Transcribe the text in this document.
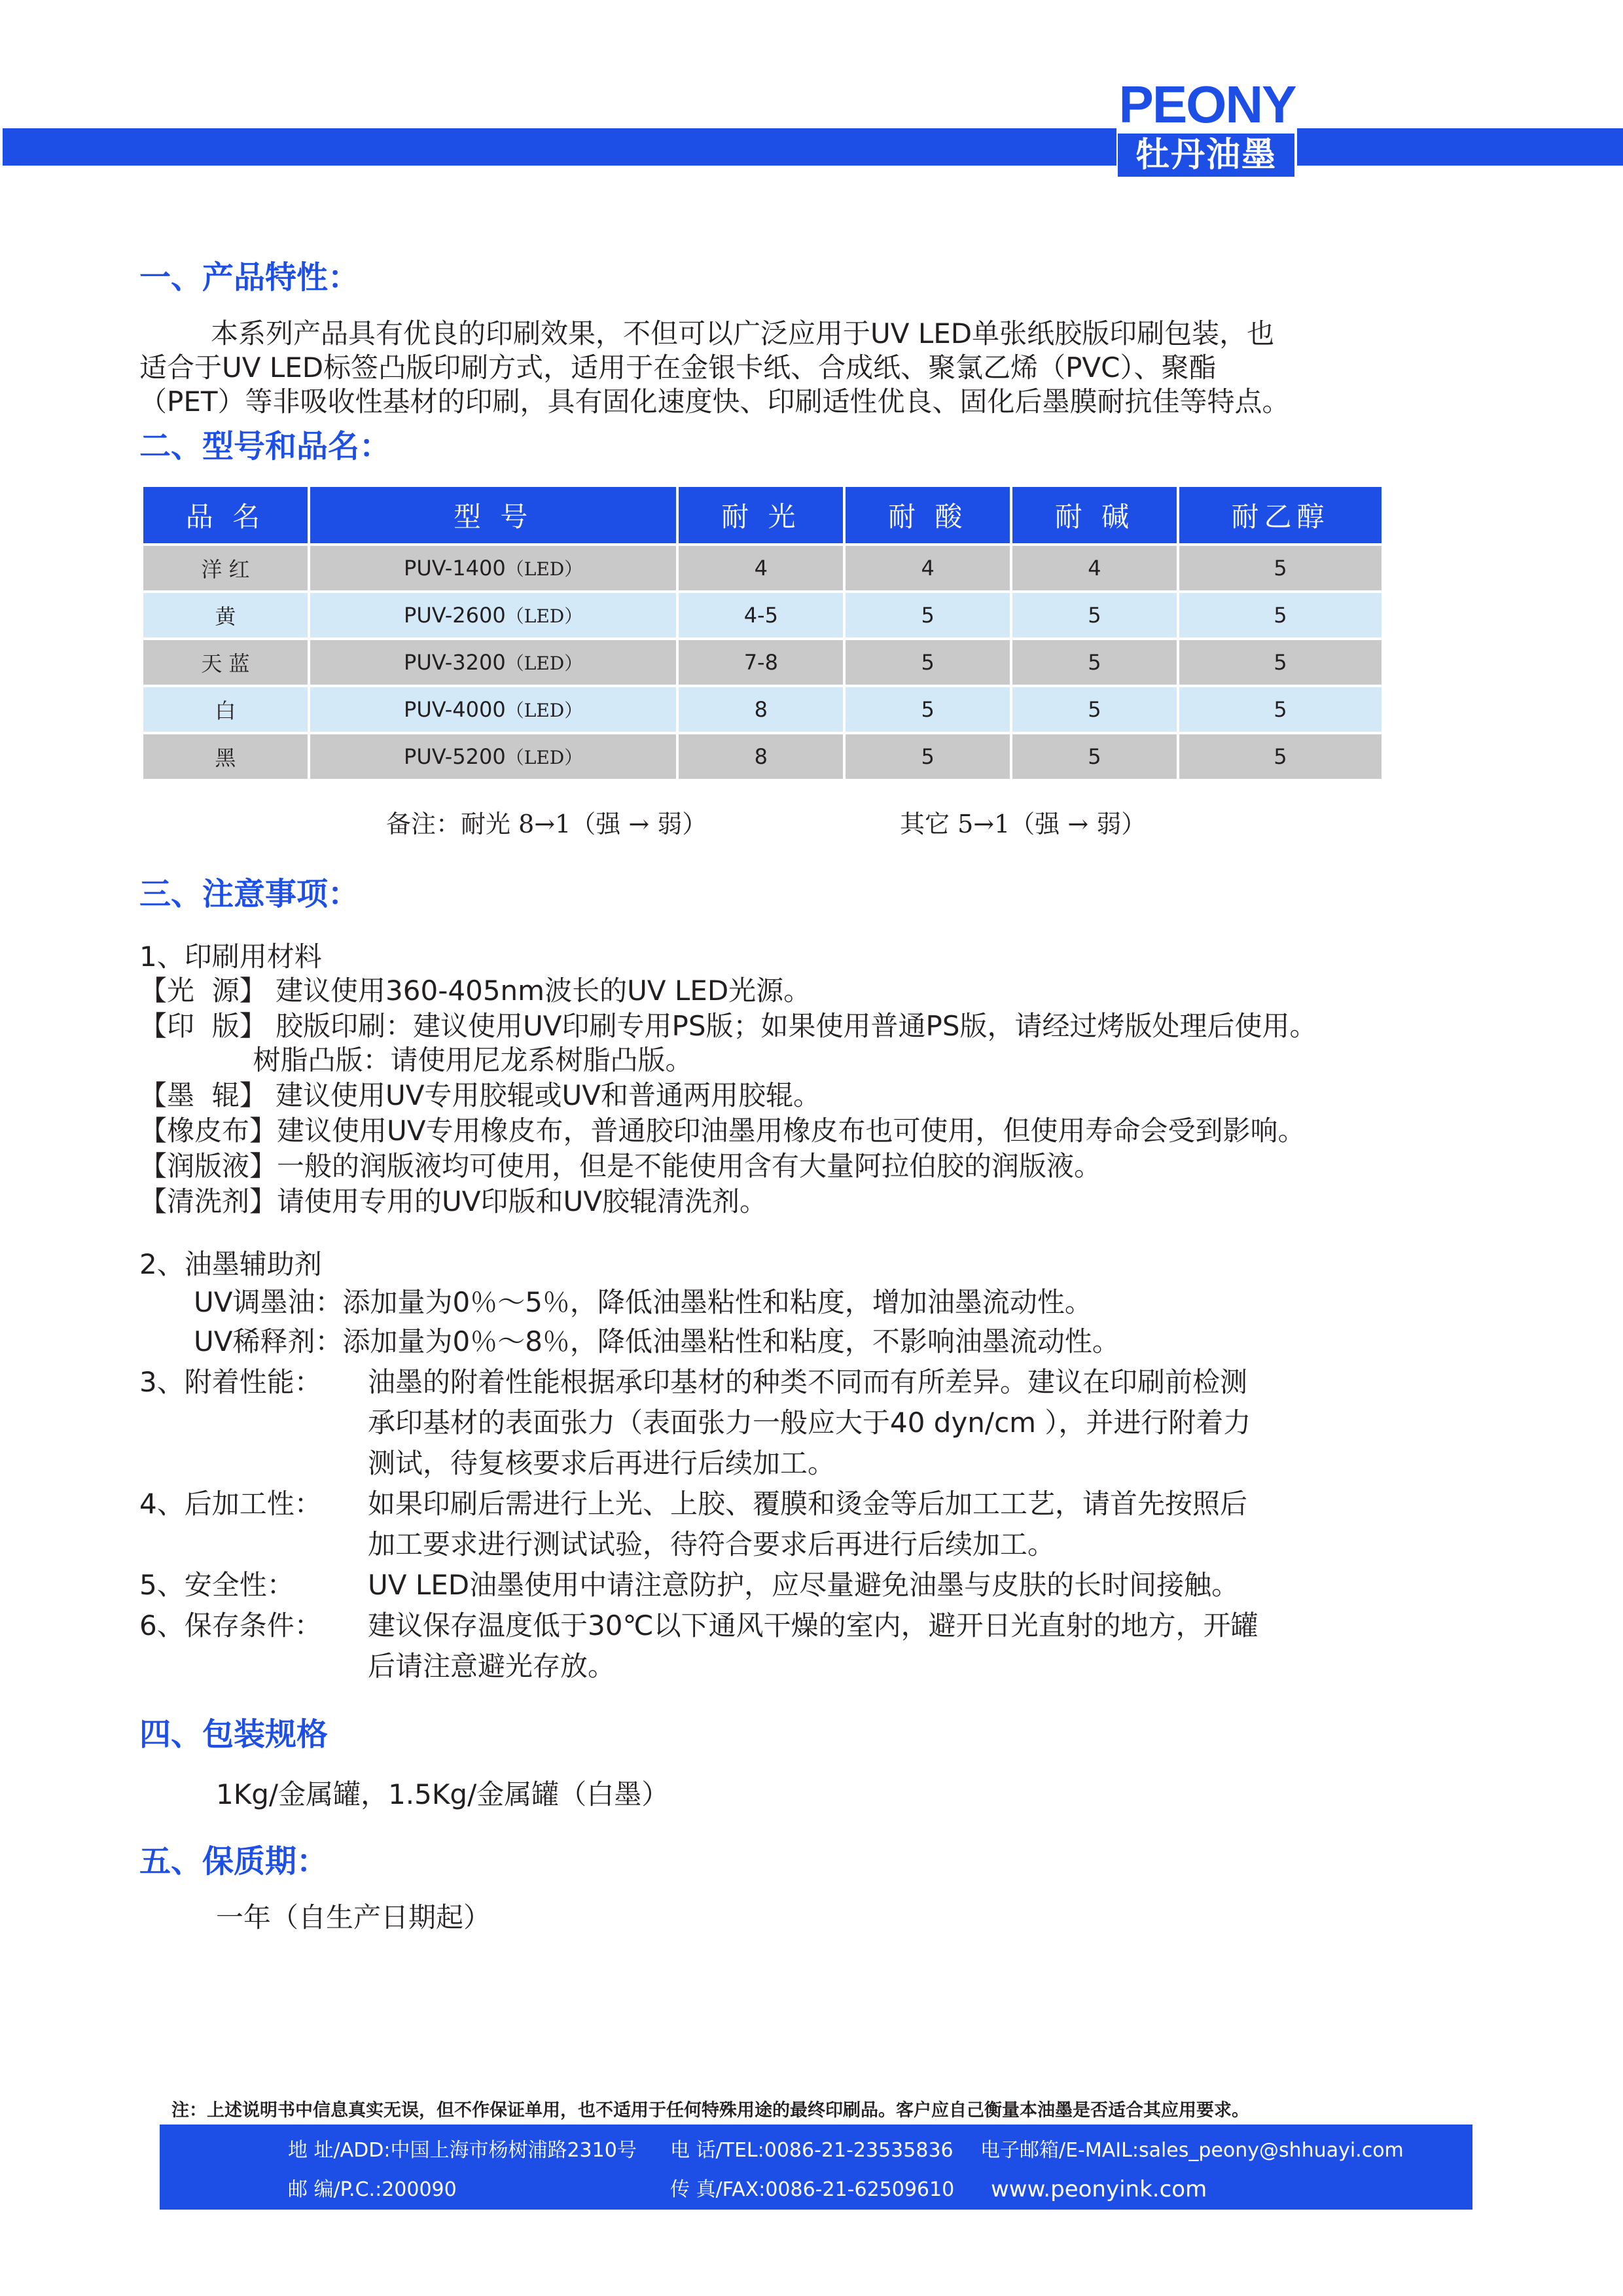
PEONY
牡丹油墨
一、产品特性：
本系列产品具有优良的印刷效果，不但可以广泛应用于UV LED单张纸胶版印刷包装，也
适合于UV LED标签凸版印刷方式，适用于在金银卡纸、合成纸、聚氯乙烯（PVC）、聚酯
（PET）等非吸收性基材的印刷，具有固化速度快、印刷适性优良、固化后墨膜耐抗佳等特点。
二、型号和品名：
品 名	型 号	耐 光	耐 酸	耐 碱	耐乙醇
洋 红	PUV-1400（LED）	4	4	4	5
黄	PUV-2600（LED）	4-5	5	5	5
天 蓝	PUV-3200（LED）	7-8	5	5	5
白	PUV-4000（LED）	8	5	5	5
黑	PUV-5200（LED）	8	5	5	5
备注：耐光 8→1（强 → 弱）	其它 5→1（强 → 弱）
三、注意事项：
1、印刷用材料
【光  源】 建议使用360-405nm波长的UV LED光源。
【印  版】 胶版印刷：建议使用UV印刷专用PS版；如果使用普通PS版，请经过烤版处理后使用。
树脂凸版：请使用尼龙系树脂凸版。
【墨  辊】 建议使用UV专用胶辊或UV和普通两用胶辊。
【橡皮布】建议使用UV专用橡皮布，普通胶印油墨用橡皮布也可使用，但使用寿命会受到影响。
【润版液】一般的润版液均可使用，但是不能使用含有大量阿拉伯胶的润版液。
【清洗剂】请使用专用的UV印版和UV胶辊清洗剂。
2、油墨辅助剂
UV调墨油：添加量为0％～5％，降低油墨粘性和粘度，增加油墨流动性。
UV稀释剂：添加量为0％～8％，降低油墨粘性和粘度，不影响油墨流动性。
3、附着性能： 油墨的附着性能根据承印基材的种类不同而有所差异。建议在印刷前检测
承印基材的表面张力（表面张力一般应大于40 dyn/cm ），并进行附着力
测试，待复核要求后再进行后续加工。
4、后加工性： 如果印刷后需进行上光、上胶、覆膜和烫金等后加工工艺，请首先按照后
加工要求进行测试试验，待符合要求后再进行后续加工。
5、安全性：	UV LED油墨使用中请注意防护，应尽量避免油墨与皮肤的长时间接触。
6、保存条件： 建议保存温度低于30℃以下通风干燥的室内，避开日光直射的地方，开罐
后请注意避光存放。
四、包装规格
1Kg/金属罐，1.5Kg/金属罐（白墨）
五、保质期：
一年（自生产日期起）
注：上述说明书中信息真实无误，但不作保证单用，也不适用于任何特殊用途的最终印刷品。客户应自己衡量本油墨是否适合其应用要求。
地 址/ADD:中国上海市杨树浦路2310号 电 话/TEL:0086-21-23535836 电子邮箱/E-MAIL:sales_peony@shhuayi.com
邮 编/P.C.:200090	传 真/FAX:0086-21-62509610 www.peonyink.com
